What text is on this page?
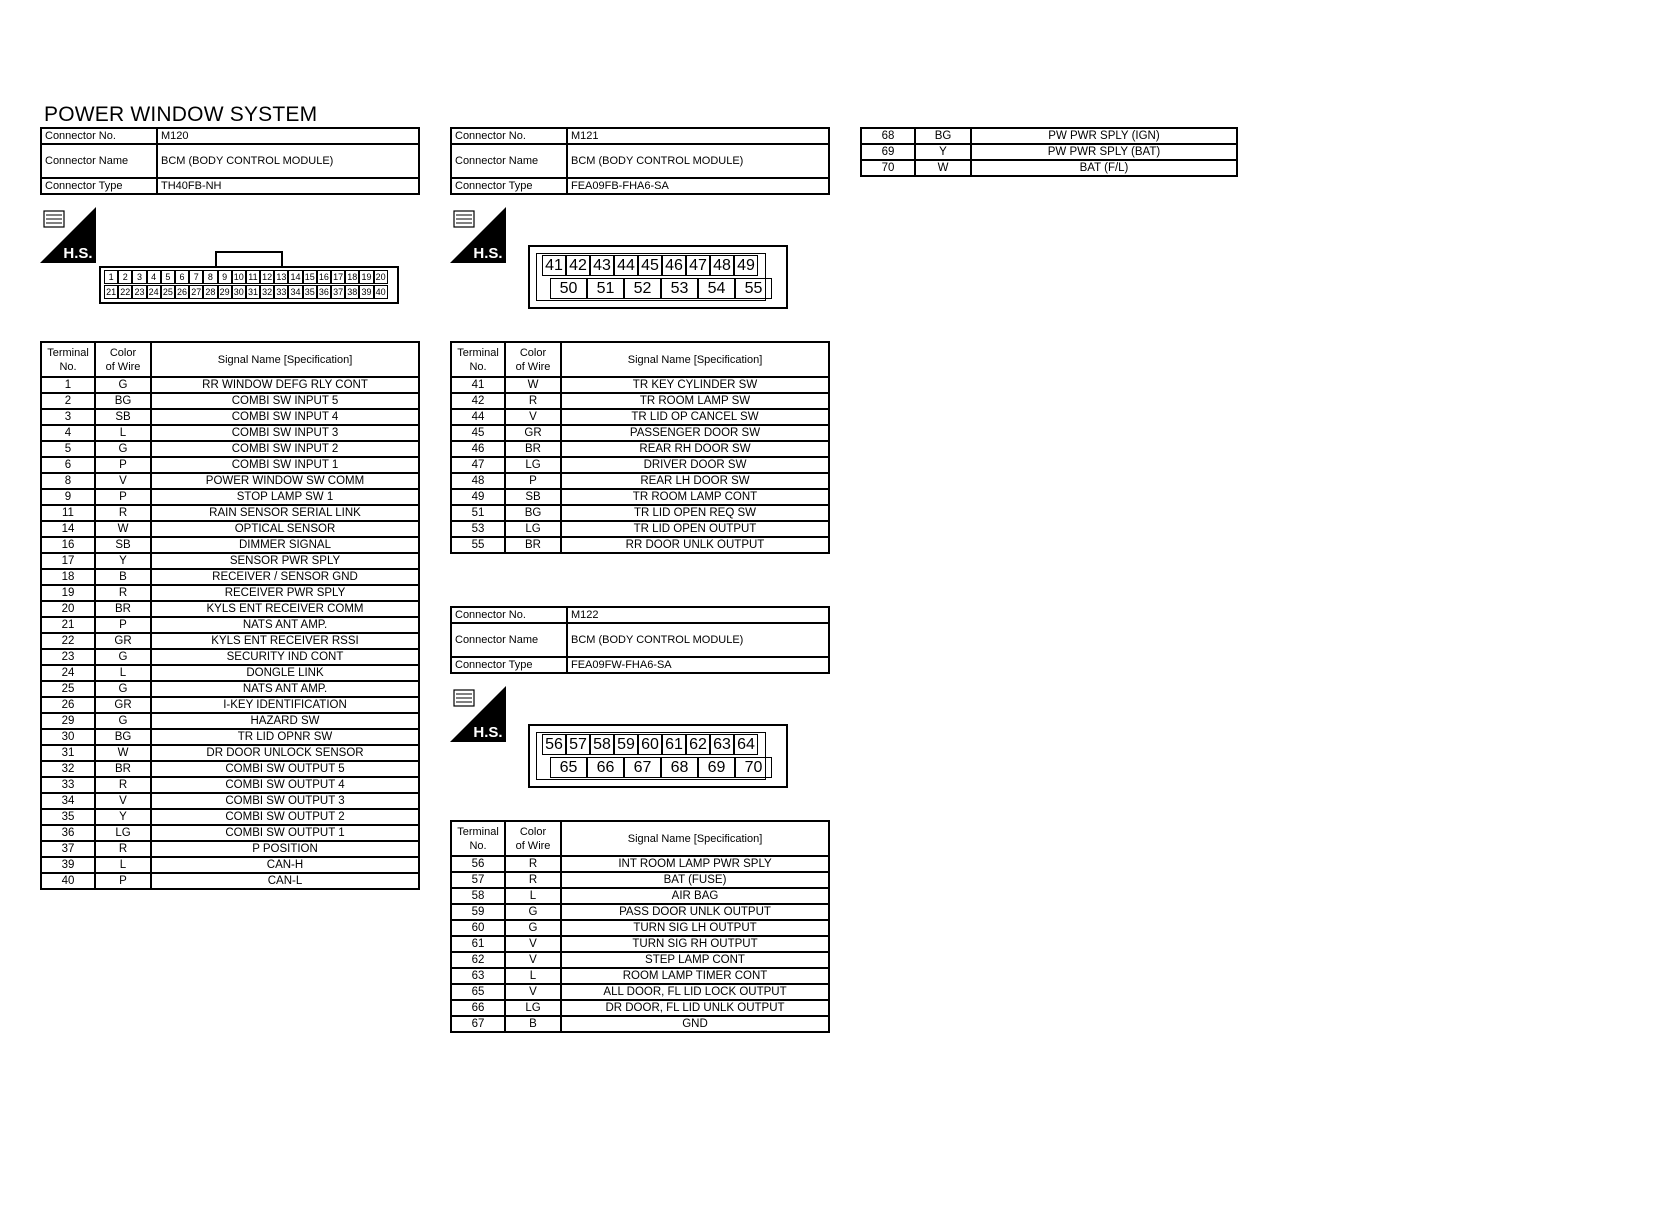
POWER WINDOW SYSTEM
Connector No.	M120
Connector Name	BCM (BODY CONTROL MODULE)
Connector Type	TH40FB-NH
H.S.
1	2	3	4	5	6	7	8	9 10 11 12 13 14 15 16 17 18 19 20
21 22 23 24 25 26 27 28 29 30 31 32 33 34 35 36 37 38 39 40
Terminal
No.	Color
of Wire	Signal Name [Specification]
1	G	RR WINDOW DEFG RLY CONT
2	BG	COMBI SW INPUT 5
3	SB	COMBI SW INPUT 4
4	L	COMBI SW INPUT 3
5	G	COMBI SW INPUT 2
6	P	COMBI SW INPUT 1
8	V	POWER WINDOW SW COMM
9	P	STOP LAMP SW 1
11	R	RAIN SENSOR SERIAL LINK
14	W	OPTICAL SENSOR
16	SB	DIMMER SIGNAL
17	Y	SENSOR PWR SPLY
18	B	RECEIVER / SENSOR GND
19	R	RECEIVER PWR SPLY
20	BR	KYLS ENT RECEIVER COMM
21	P	NATS ANT AMP.
22	GR	KYLS ENT RECEIVER RSSI
23	G	SECURITY IND CONT
24	L	DONGLE LINK
25	G	NATS ANT AMP.
26	GR	I-KEY IDENTIFICATION
29	G	HAZARD SW
30	BG	TR LID OPNR SW
31	W	DR DOOR UNLOCK SENSOR
32	BR	COMBI SW OUTPUT 5
33	R	COMBI SW OUTPUT 4
34	V	COMBI SW OUTPUT 3
35	Y	COMBI SW OUTPUT 2
36	LG	COMBI SW OUTPUT 1
37	R	P POSITION
39	L	CAN-H
40	P	CAN-L
Connector No.	M121
Connector Name	BCM (BODY CONTROL MODULE)
Connector Type	FEA09FB-FHA6-SA
H.S.
41 42 43 44 45 46 47 48 49
50	51	52	53	54	55
Terminal
No.	Color
of Wire	Signal Name [Specification]
41	W	TR KEY CYLINDER SW
42	R	TR ROOM LAMP SW
44	V	TR LID OP CANCEL SW
45	GR	PASSENGER DOOR SW
46	BR	REAR RH DOOR SW
47	LG	DRIVER DOOR SW
48	P	REAR LH DOOR SW
49	SB	TR ROOM LAMP CONT
51	BG	TR LID OPEN REQ SW
53	LG	TR LID OPEN OUTPUT
55	BR	RR DOOR UNLK OUTPUT
Connector No.	M122
Connector Name	BCM (BODY CONTROL MODULE)
Connector Type	FEA09FW-FHA6-SA
H.S.
56 57 58 59 60 61 62 63 64
65	66	67	68	69	70
Terminal
No.	Color
of Wire	Signal Name [Specification]
56	R	INT ROOM LAMP PWR SPLY
57	R	BAT (FUSE)
58	L	AIR BAG
59	G	PASS DOOR UNLK OUTPUT
60	G	TURN SIG LH OUTPUT
61	V	TURN SIG RH OUTPUT
62	V	STEP LAMP CONT
63	L	ROOM LAMP TIMER CONT
65	V	ALL DOOR, FL LID LOCK OUTPUT
66	LG	DR DOOR, FL LID UNLK OUTPUT
67	B	GND
68	BG	PW PWR SPLY (IGN)
69	Y	PW PWR SPLY (BAT)
70	W	BAT (F/L)
